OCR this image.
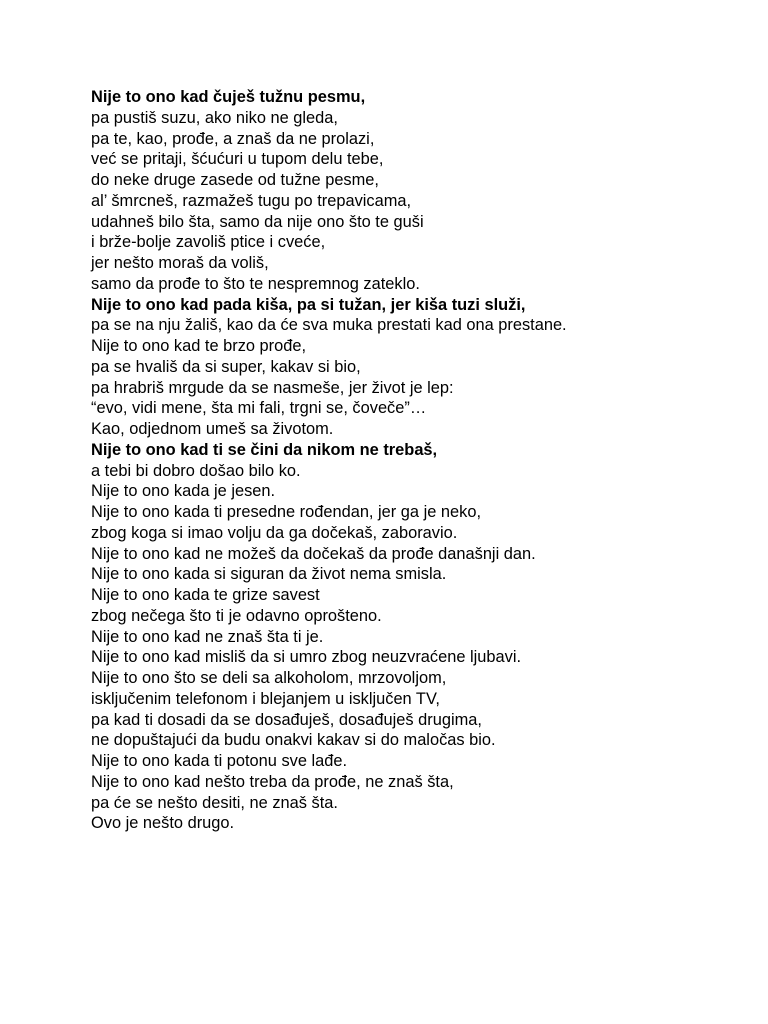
Nije to ono kad čuješ tužnu pesmu,
pa pustiš suzu, ako niko ne gleda,
pa te, kao, prođe, a znaš da ne prolazi,
već se pritaji, šćućuri u tupom delu tebe,
do neke druge zasede od tužne pesme,
al’ šmrcneš, razmažeš tugu po trepavicama,
udahneš bilo šta, samo da nije ono što te guši
i brže-bolje zavoliš ptice i cveće,
jer nešto moraš da voliš,
samo da prođe to što te nespremnog zateklo.
Nije to ono kad pada kiša, pa si tužan, jer kiša tuzi služi,
pa se na nju žališ, kao da će sva muka prestati kad ona prestane.
Nije to ono kad te brzo prođe,
pa se hvališ da si super, kakav si bio,
pa hrabriš mrgude da se nasmeše, jer život je lep:
“evo, vidi mene, šta mi fali, trgni se, čoveče”…
Kao, odjednom umeš sa životom.
Nije to ono kad ti se čini da nikom ne trebaš,
a tebi bi dobro došao bilo ko.
Nije to ono kada je jesen.
Nije to ono kada ti presedne rođendan, jer ga je neko,
zbog koga si imao volju da ga dočekaš, zaboravio.
Nije to ono kad ne možeš da dočekaš da prođe današnji dan.
Nije to ono kada si siguran da život nema smisla.
Nije to ono kada te grize savest
zbog nečega što ti je odavno oprošteno.
Nije to ono kad ne znaš šta ti je.
Nije to ono kad misliš da si umro zbog neuzvraćene ljubavi.
Nije to ono što se deli sa alkoholom, mrzovoljom,
isključenim telefonom i blejanjem u isključen TV,
pa kad ti dosadi da se dosađuješ, dosađuješ drugima,
ne dopuštajući da budu onakvi kakav si do maločas bio.
Nije to ono kada ti potonu sve lađe.
Nije to ono kad nešto treba da prođe, ne znaš šta,
pa će se nešto desiti, ne znaš šta.
Ovo je nešto drugo.
